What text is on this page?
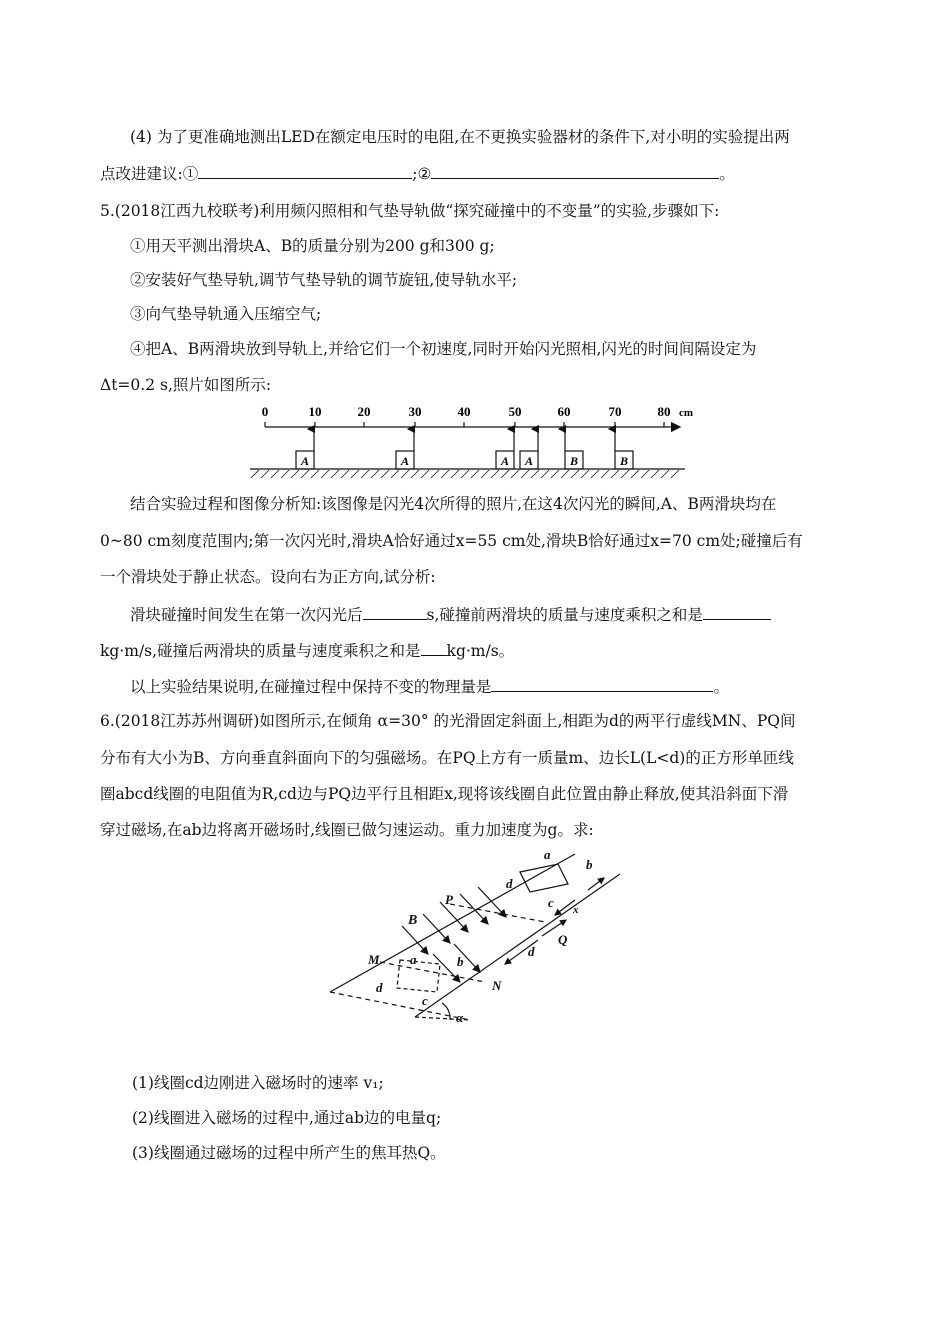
(4) 为了更准确地测出LED在额定电压时的电阻,在不更换实验器材的条件下,对小明的实验提出两
点改进建议:①	;②	。
5.(2018江西九校联考)利用频闪照相和气垫导轨做“探究碰撞中的不变量”的实验,步骤如下:
①用天平测出滑块A、B的质量分别为200 g和300 g;
②安装好气垫导轨,调节气垫导轨的调节旋钮,使导轨水平;
③向气垫导轨通入压缩空气;
④把A、B两滑块放到导轨上,并给它们一个初速度,同时开始闪光照相,闪光的时间间隔设定为
Δt=0.2 s,照片如图所示:
0	10	20	30	40	50	60	70	80 cm
A	A	A A	B	B
结合实验过程和图像分析知:该图像是闪光4次所得的照片,在这4次闪光的瞬间,A、B两滑块均在
0~80 cm刻度范围内;第一次闪光时,滑块A恰好通过x=55 cm处,滑块B恰好通过x=70 cm处;碰撞后有
一个滑块处于静止状态。设向右为正方向,试分析:
滑块碰撞时间发生在第一次闪光后	s,碰撞前两滑块的质量与速度乘积之和是
kg·m/s,碰撞后两滑块的质量与速度乘积之和是 kg·m/s。
以上实验结果说明,在碰撞过程中保持不变的物理量是	。
6.(2018江苏苏州调研)如图所示,在倾角 α=30° 的光滑固定斜面上,相距为d的两平行虚线MN、PQ间
分布有大小为B、方向垂直斜面向下的匀强磁场。在PQ上方有一质量m、边长L(L<d)的正方形单匝线
圈abcd线圈的电阻值为R,cd边与PQ边平行且相距x,现将该线圈自此位置由静止释放,使其沿斜面下滑
穿过磁场,在ab边将离开磁场时,线圈已做匀速运动。重力加速度为g。求:
a
b
d
c
B
P
Q
M
N
x
d
a	b
d
c
α
(1)线圈cd边刚进入磁场时的速率 v₁;
(2)线圈进入磁场的过程中,通过ab边的电量q;
(3)线圈通过磁场的过程中所产生的焦耳热Q。
